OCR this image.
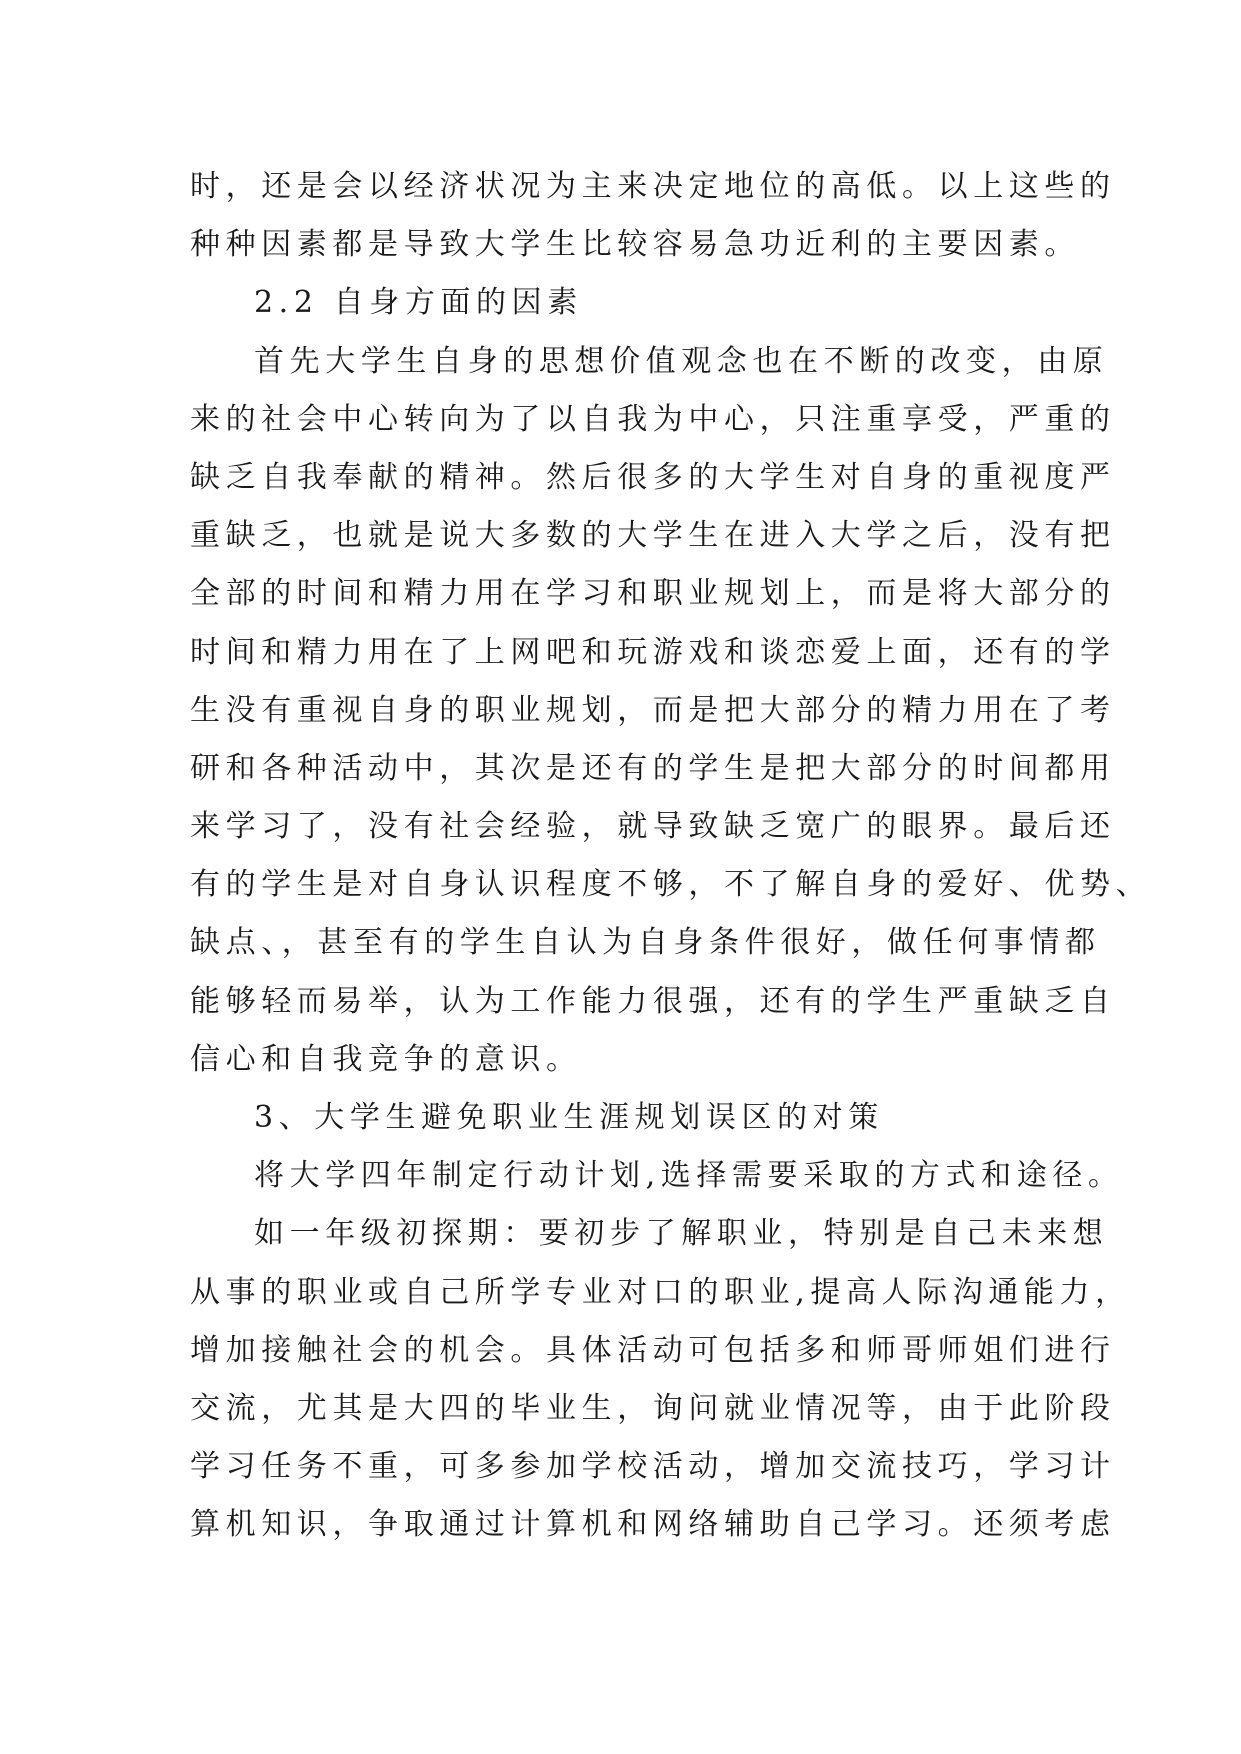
时，还是会以经济状况为主来决定地位的高低。以上这些的
种种因素都是导致大学生比较容易急功近利的主要因素。
2.2 自身方面的因素
首先大学生自身的思想价值观念也在不断的改变，由原
来的社会中心转向为了以自我为中心，只注重享受，严重的
缺乏自我奉献的精神。然后很多的大学生对自身的重视度严
重缺乏，也就是说大多数的大学生在进入大学之后，没有把
全部的时间和精力用在学习和职业规划上，而是将大部分的
时间和精力用在了上网吧和玩游戏和谈恋爱上面，还有的学
生没有重视自身的职业规划，而是把大部分的精力用在了考
研和各种活动中，其次是还有的学生是把大部分的时间都用
来学习了，没有社会经验，就导致缺乏宽广的眼界。最后还
有的学生是对自身认识程度不够，不了解自身的爱好、优势、
缺点、，甚至有的学生自认为自身条件很好，做任何事情都
能够轻而易举，认为工作能力很强，还有的学生严重缺乏自
信心和自我竞争的意识。
3、大学生避免职业生涯规划误区的对策
将大学四年制定行动计划,选择需要采取的方式和途径。
如一年级初探期：要初步了解职业，特别是自己未来想
从事的职业或自己所学专业对口的职业,提高人际沟通能力，
增加接触社会的机会。具体活动可包括多和师哥师姐们进行
交流，尤其是大四的毕业生，询问就业情况等，由于此阶段
学习任务不重，可多参加学校活动，增加交流技巧，学习计
算机知识，争取通过计算机和网络辅助自己学习。还须考虑
